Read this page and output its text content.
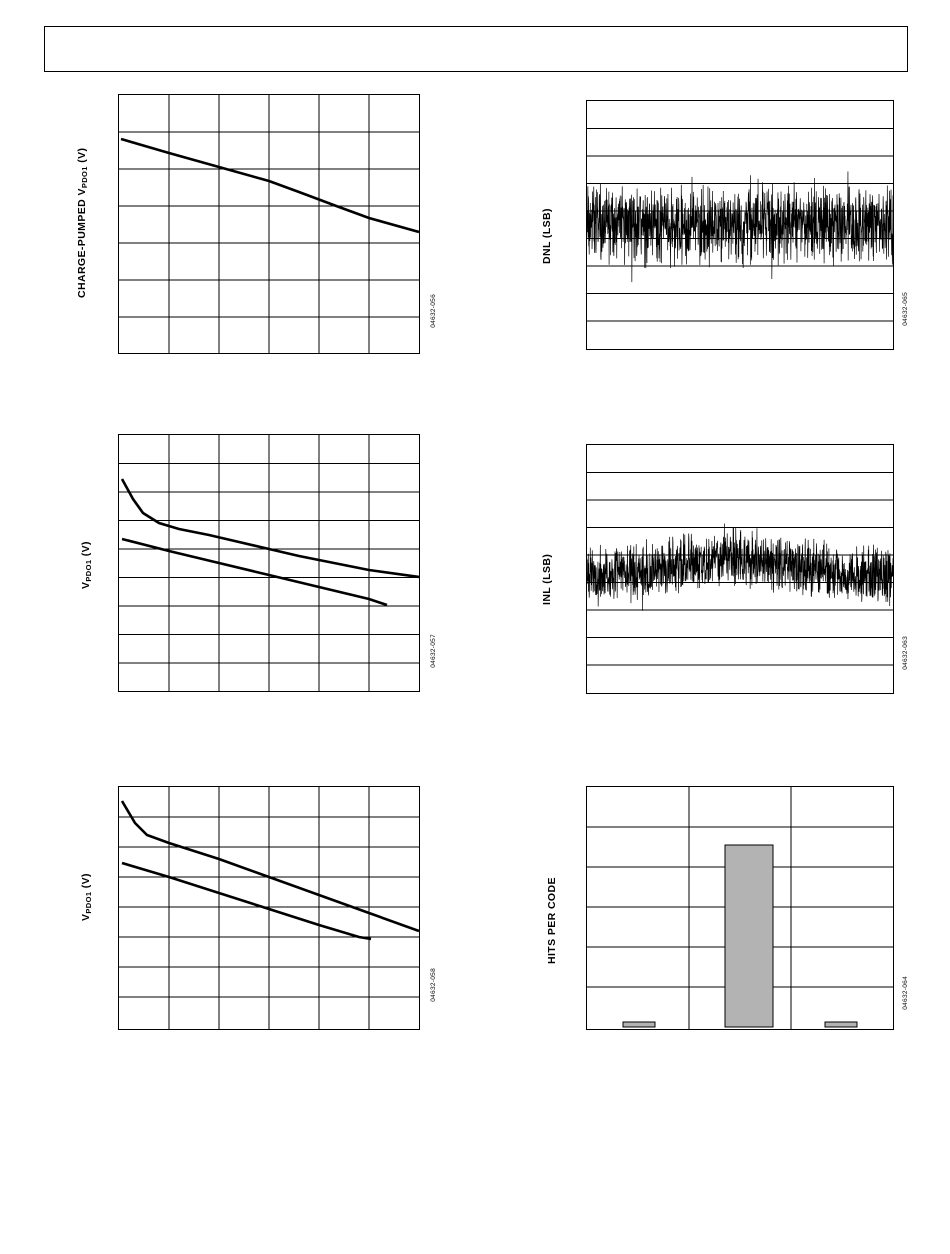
CHARGE-PUMPED $V_{PDO1}$ (V)
04632-056
$V_{PDO1}$ (V)
04632-057
$V_{PDO1}$ (V)
04632-058
DNL (LSB)
04632-065
INL (LSB)
04632-063
HITS PER CODE
04632-064
